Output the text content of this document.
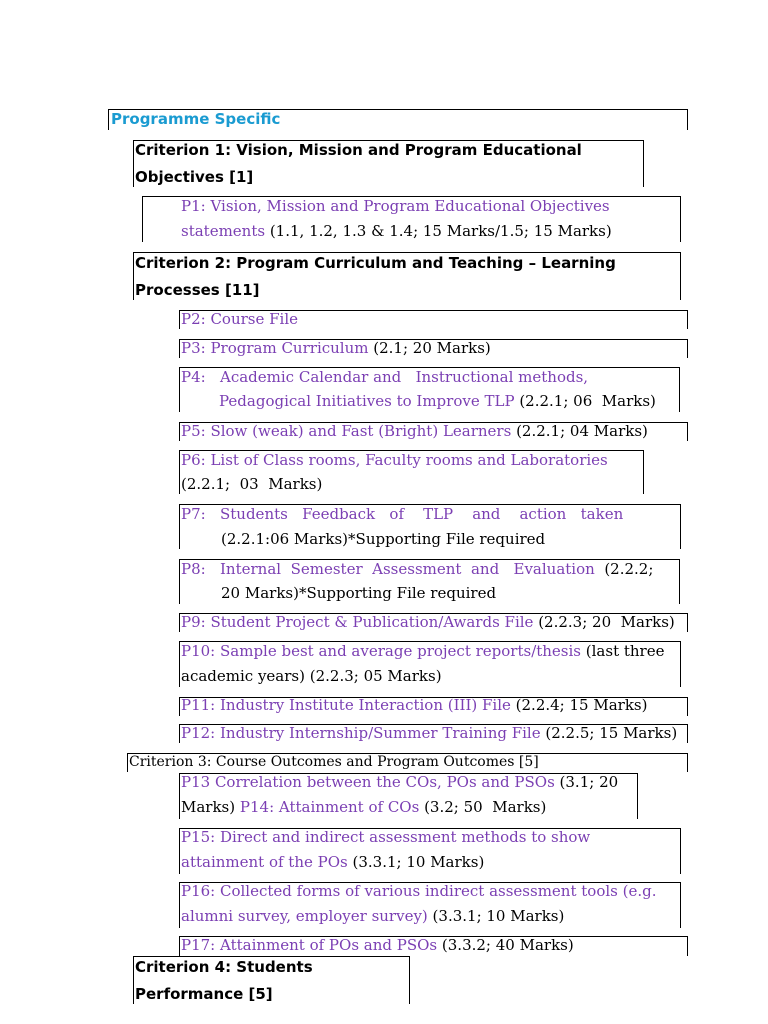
Programme Specific
Criterion 1: Vision, Mission and Program Educational
Objectives [1]
P1: Vision, Mission and Program Educational Objectives
statements (1.1, 1.2, 1.3 & 1.4; 15 Marks/1.5; 15 Marks)
Criterion 2: Program Curriculum and Teaching – Learning
Processes [11]
P2: Course File
P3: Program Curriculum (2.1; 20 Marks)
P4:   Academic Calendar and   Instructional methods,
Pedagogical Initiatives to Improve TLP (2.2.1; 06  Marks)
P5: Slow (weak) and Fast (Bright) Learners (2.2.1; 04 Marks)
P6: List of Class rooms, Faculty rooms and Laboratories
(2.2.1;  03  Marks)
P7:   Students   Feedback   of    TLP    and    action   taken
(2.2.1:06 Marks)*Supporting File required
P8:   Internal  Semester  Assessment  and   Evaluation  (2.2.2;
20 Marks)*Supporting File required
P9: Student Project & Publication/Awards File (2.2.3; 20  Marks)
P10: Sample best and average project reports/thesis (last three
academic years) (2.2.3; 05 Marks)
P11: Industry Institute Interaction (III) File (2.2.4; 15 Marks)
P12: Industry Internship/Summer Training File (2.2.5; 15 Marks)
Criterion 3: Course Outcomes and Program Outcomes [5]
P13 Correlation between the COs, POs and PSOs (3.1; 20
Marks) P14: Attainment of COs (3.2; 50  Marks)
P15: Direct and indirect assessment methods to show
attainment of the POs (3.3.1; 10 Marks)
P16: Collected forms of various indirect assessment tools (e.g.
alumni survey, employer survey) (3.3.1; 10 Marks)
P17: Attainment of POs and PSOs (3.3.2; 40 Marks)
Criterion 4: Students
Performance [5]
